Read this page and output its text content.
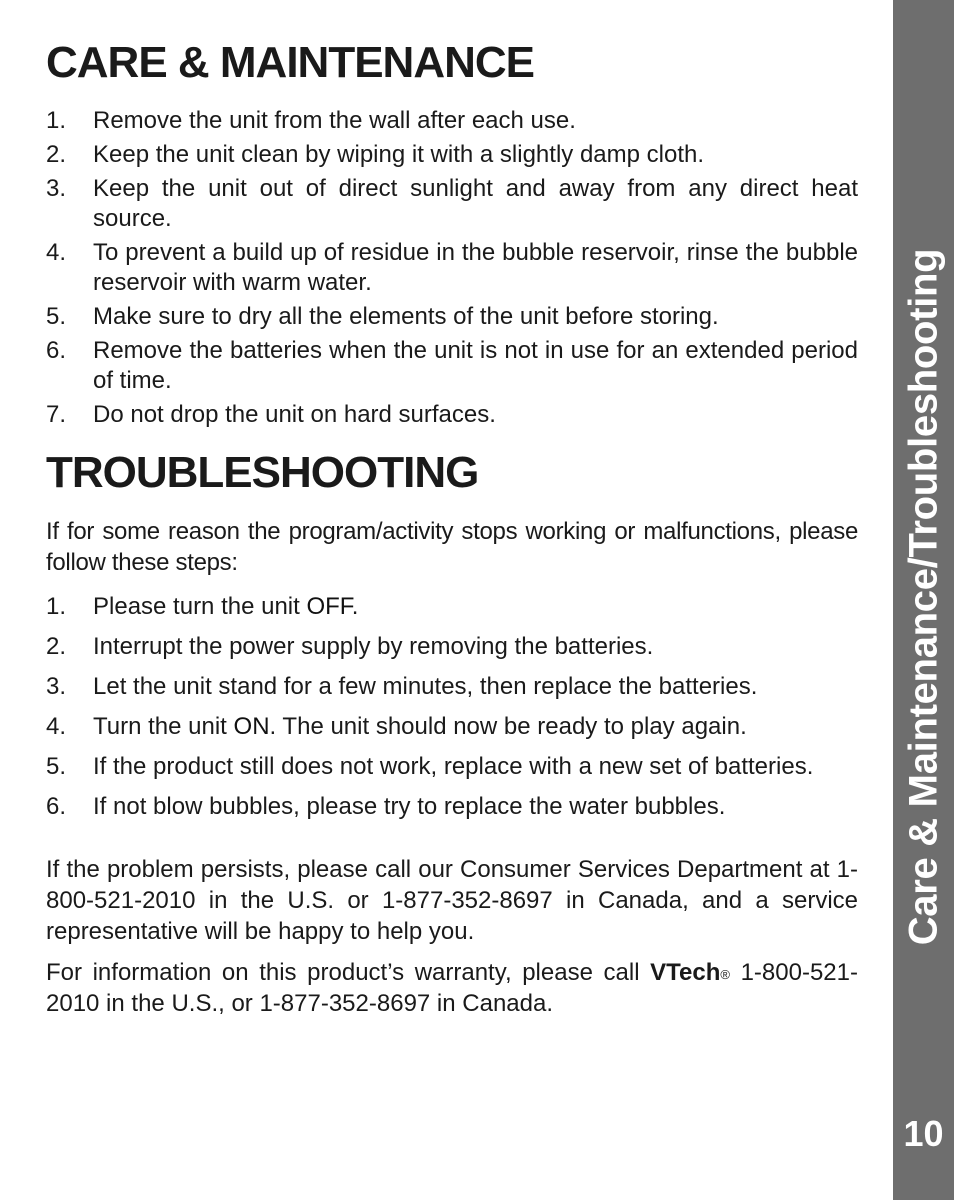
CARE & MAINTENANCE
1.	Remove the unit from the wall after each use.
2.	Keep the unit clean by wiping it with a slightly damp cloth.
3.	Keep the unit out of direct sunlight and away from any direct heat source.
4.	To prevent a build up of residue in the bubble reservoir, rinse the bubble reservoir with warm water.
5.	Make sure to dry all the elements of the unit before storing.
6.	Remove the batteries when the unit is not in use for an extended period of time.
7.	Do not drop the unit on hard surfaces.
TROUBLESHOOTING

If for some reason the program/activity stops working or malfunctions, please follow these steps:

1.	Please turn the unit OFF.
2.	Interrupt the power supply by removing the batteries.
3.	Let the unit stand for a few minutes, then replace the batteries.
4.	Turn the unit ON. The unit should now be ready to play again.
5.	If the product still does not work, replace with a new set of batteries.
6.	If not blow bubbles, please try to replace the water bubbles.

If the problem persists, please call our Consumer Services Department at 1-800-521-2010 in the U.S. or 1-877-352-8697 in Canada, and a service representative will be happy to help you.

For information on this product’s warranty, please call VTech® 1-800-521-2010 in the U.S., or 1-877-352-8697 in Canada.

Care & Maintenance/Troubleshooting
10
